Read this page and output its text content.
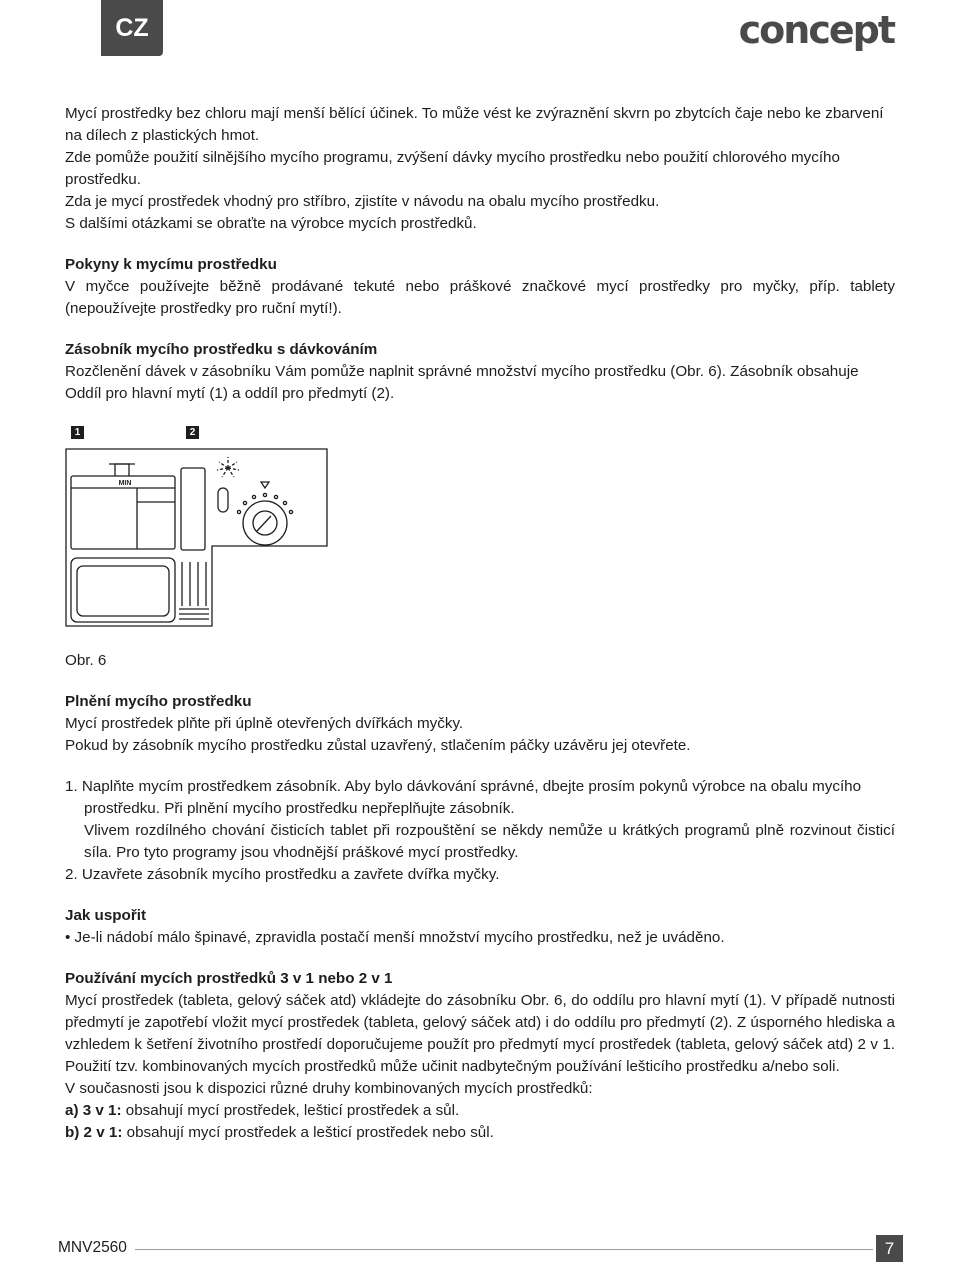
CZ	concept

Mycí prostředky bez chloru mají menší bělící účinek. To může vést ke zvýraznění skvrn po zbytcích čaje nebo ke zbarvení na dílech z plastických hmot.

Zde pomůže použití silnějšího mycího programu, zvýšení dávky mycího prostředku nebo použití chlorového mycího prostředku.

Zda je mycí prostředek vhodný pro stříbro, zjistíte v návodu na obalu mycího prostředku.

S dalšími otázkami se obraťte na výrobce mycích prostředků.

Pokyny k mycímu prostředku

V myčce používejte běžně prodávané tekuté nebo práškové značkové mycí prostředky pro myčky, příp. tablety (nepoužívejte prostředky pro ruční mytí!).

Zásobník mycího prostředku s dávkováním

Rozčlenění dávek v zásobníku Vám pomůže naplnit správné množství mycího prostředku (Obr. 6). Zásobník obsahuje Oddíl pro hlavní mytí (1) a oddíl pro předmytí (2).

1	2
MIN

Obr. 6

Plnění mycího prostředku

Mycí prostředek plňte při úplně otevřených dvířkách myčky.

Pokud by zásobník mycího prostředku zůstal uzavřený, stlačením páčky uzávěru jej otevřete.

1. Naplňte mycím prostředkem zásobník. Aby bylo dávkování správné, dbejte prosím pokynů výrobce na obalu mycího prostředku. Při plnění mycího prostředku nepřeplňujte zásobník.

Vlivem rozdílného chování čisticích tablet při rozpouštění se někdy nemůže u krátkých programů plně rozvinout čisticí síla. Pro tyto programy jsou vhodnější práškové mycí prostředky.

2. Uzavřete zásobník mycího prostředku a zavřete dvířka myčky.

Jak uspořit

• Je-li nádobí málo špinavé, zpravidla postačí menší množství mycího prostředku, než je uváděno.

Používání mycích prostředků 3 v 1 nebo 2 v 1

Mycí prostředek (tableta, gelový sáček atd) vkládejte do zásobníku Obr. 6, do oddílu pro hlavní mytí (1). V případě nutnosti předmytí je zapotřebí vložit mycí prostředek (tableta, gelový sáček atd) i do oddílu pro předmytí (2). Z úsporného hlediska a vzhledem k šetření životního prostředí doporučujeme použít pro předmytí mycí prostředek (tableta, gelový sáček atd) 2 v 1. Použití tzv. kombinovaných mycích prostředků může učinit nadbytečným používání lešticího prostředku a/nebo soli.

V současnosti jsou k dispozici různé druhy kombinovaných mycích prostředků:

a) 3 v 1: obsahují mycí prostředek, lešticí prostředek a sůl.

b) 2 v 1: obsahují mycí prostředek a lešticí prostředek nebo sůl.

MNV2560	7
